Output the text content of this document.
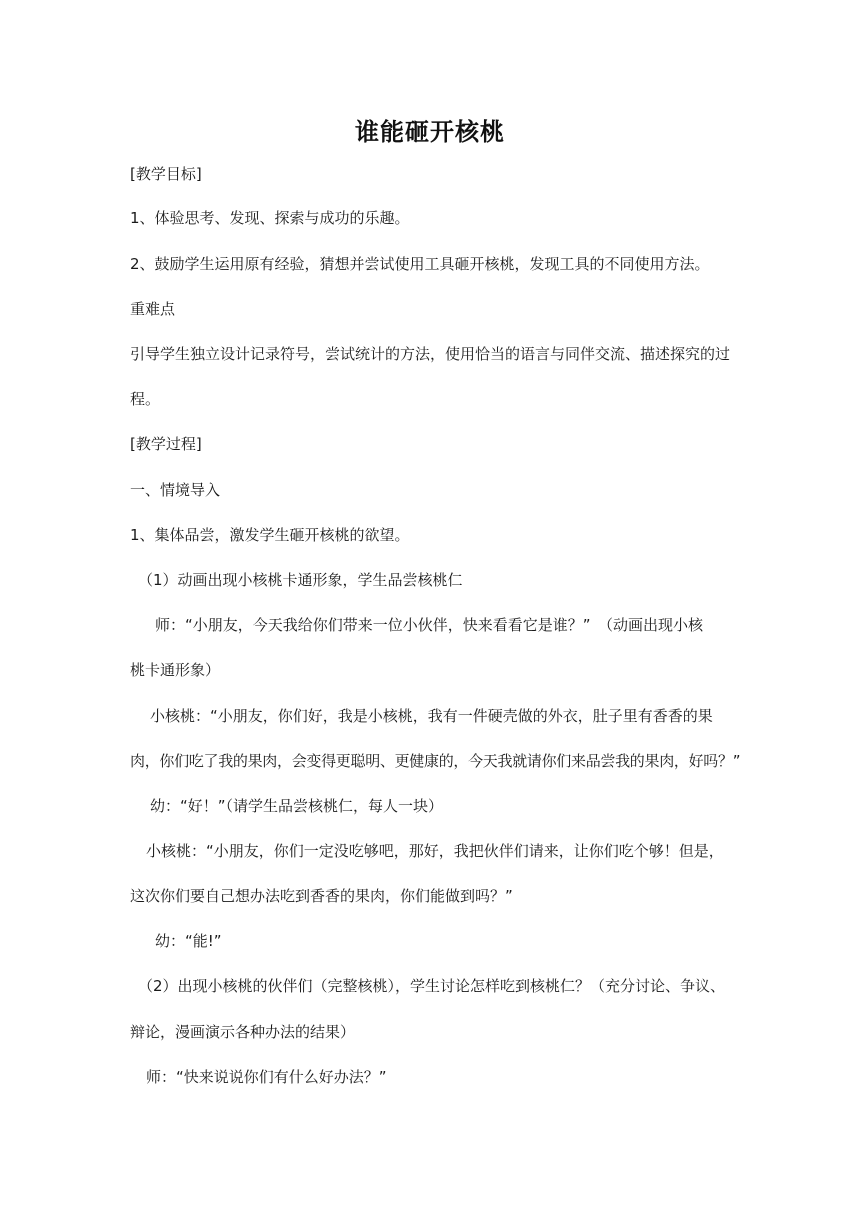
谁能砸开核桃
[教学目标]
1、体验思考、发现、探索与成功的乐趣。
2、鼓励学生运用原有经验，猜想并尝试使用工具砸开核桃，发现工具的不同使用方法。
重难点
引导学生独立设计记录符号，尝试统计的方法，使用恰当的语言与同伴交流、描述探究的过
程。
[教学过程]
一、情境导入
1、集体品尝，激发学生砸开核桃的欲望。
（1）动画出现小核桃卡通形象，学生品尝核桃仁
师：“小朋友，今天我给你们带来一位小伙伴，快来看看它是谁？”　（动画出现小核
桃卡通形象）
小核桃：“小朋友，你们好，我是小核桃，我有一件硬壳做的外衣，肚子里有香香的果
肉，你们吃了我的果肉，会变得更聪明、更健康的，今天我就请你们来品尝我的果肉，好吗？”
幼：“好！”（请学生品尝核桃仁，每人一块）
小核桃：“小朋友，你们一定没吃够吧，那好，我把伙伴们请来，让你们吃个够！但是，
这次你们要自己想办法吃到香香的果肉，你们能做到吗？”
幼：“能!”
（2）出现小核桃的伙伴们（完整核桃），学生讨论怎样吃到核桃仁？（充分讨论、争议、
辩论，漫画演示各种办法的结果）
师：“快来说说你们有什么好办法？”
